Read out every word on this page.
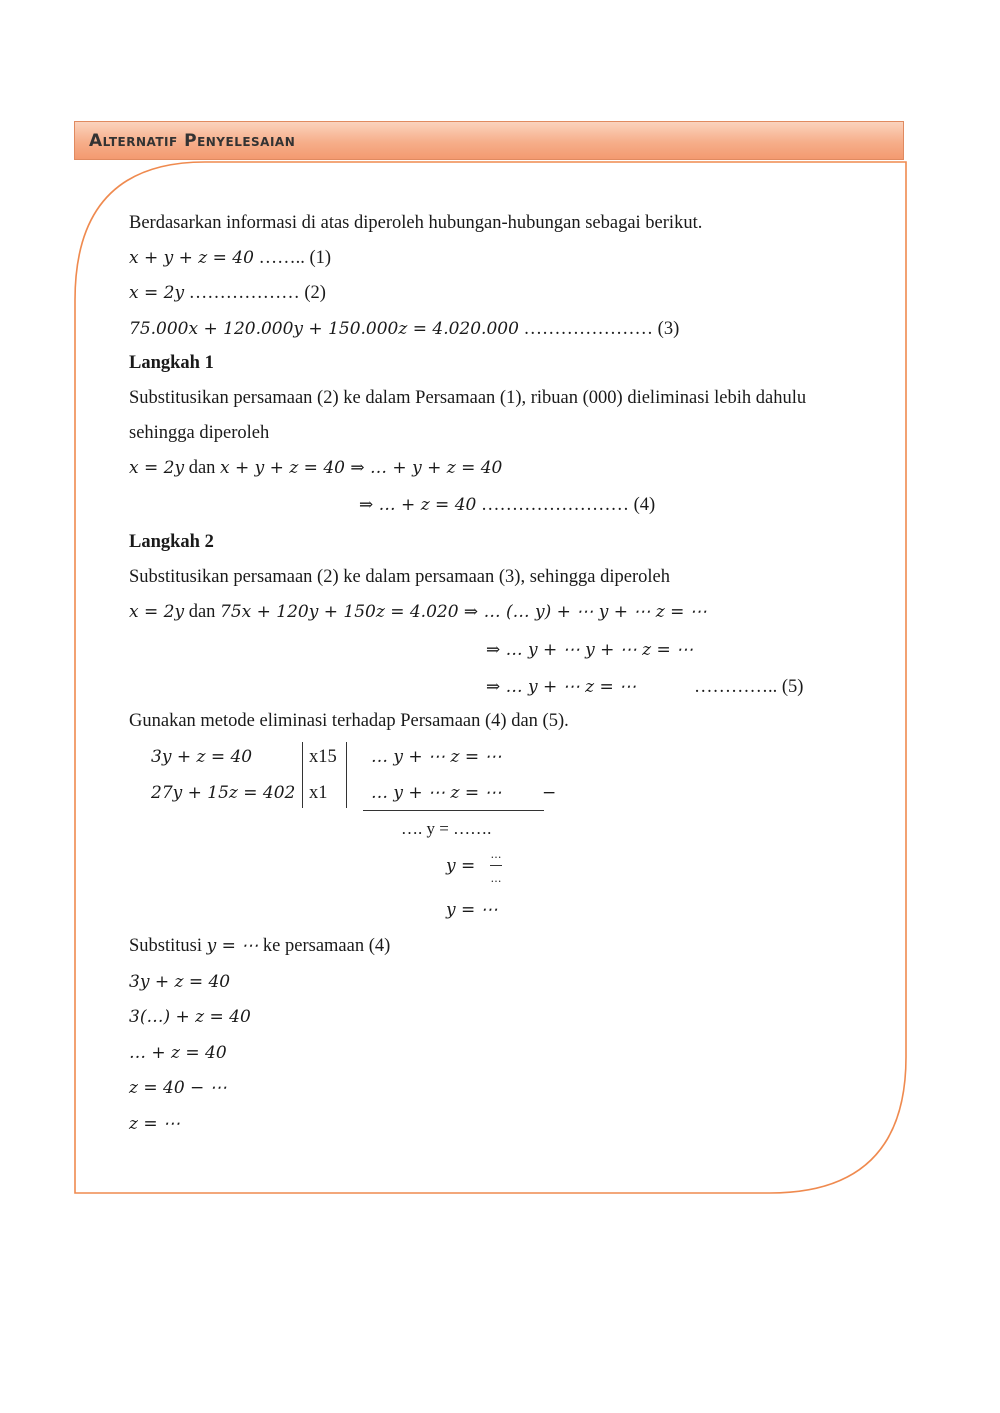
Alternatif Penyelesaian
Berdasarkan informasi di atas diperoleh hubungan-hubungan sebagai berikut.
x + y + z = 40 …….. (1)
x = 2y ……………… (2)
75.000x + 120.000y + 150.000z = 4.020.000 ………………… (3)
Langkah 1
Substitusikan persamaan (2) ke dalam Persamaan (1), ribuan (000) dieliminasi lebih dahulu
sehingga diperoleh
x = 2y dan x + y + z = 40 ⇒ … + y + z = 40
⇒ … + z = 40 …………………… (4)
Langkah 2
Substitusikan persamaan (2) ke dalam persamaan (3), sehingga diperoleh
x = 2y dan 75x + 120y + 150z = 4.020 ⇒ … (… y) + ⋯ y + ⋯ z = ⋯
⇒ … y + ⋯ y + ⋯ z = ⋯
⇒ … y + ⋯ z = ⋯	………….. (5)
Gunakan metode eliminasi terhadap Persamaan (4) dan (5).
3y + z = 40
27y + 15z = 402
x15
x1
… y + ⋯ z = ⋯
… y + ⋯ z = ⋯ −
…. y = …….
y =
…
…
y = ⋯
Substitusi y = ⋯ ke persamaan (4)
3y + z = 40
3(…) + z = 40
… + z = 40
z = 40 − ⋯
z = ⋯
